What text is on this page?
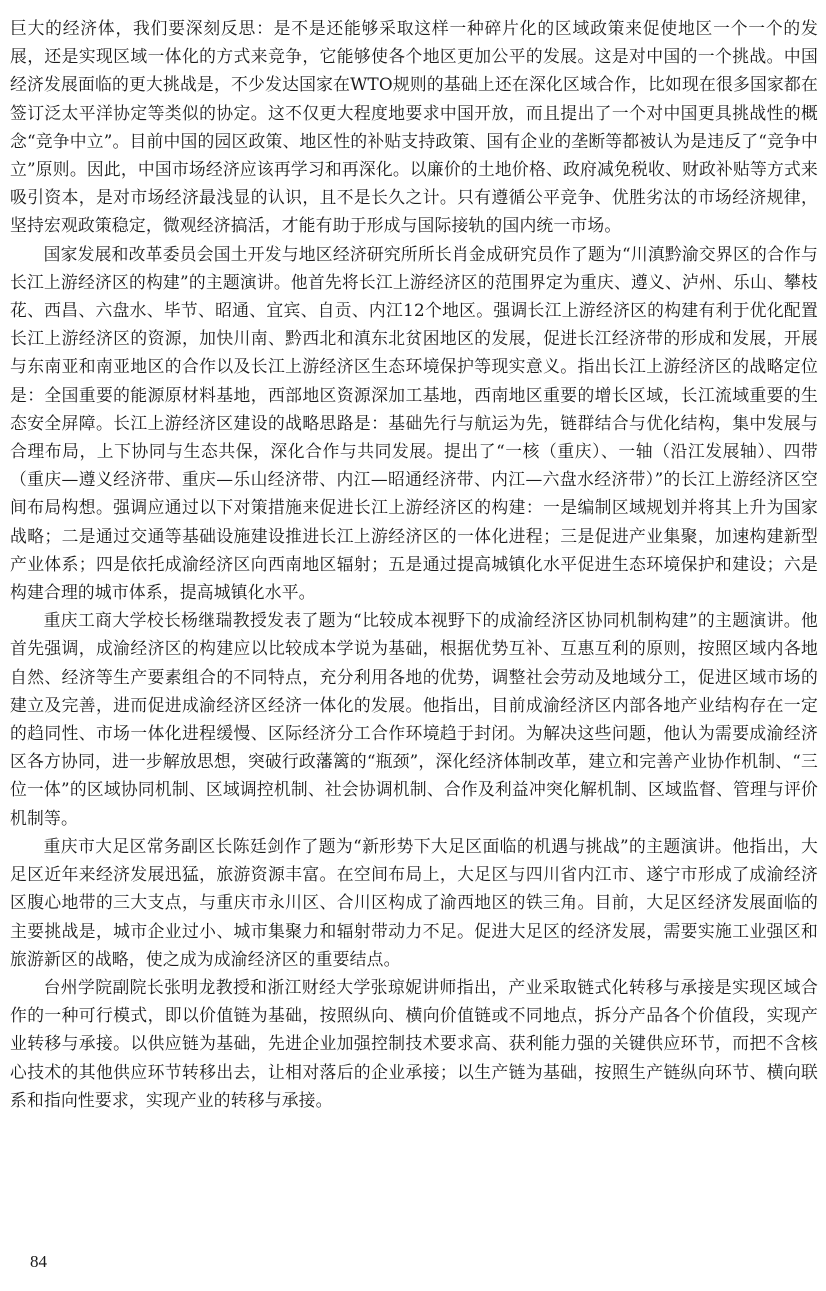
巨大的经济体，我们要深刻反思：是不是还能够采取这样一种碎片化的区域政策来促使地区一个一个的发展，还是实现区域一体化的方式来竞争，它能够使各个地区更加公平的发展。这是对中国的一个挑战。中国经济发展面临的更大挑战是，不少发达国家在WTO规则的基础上还在深化区域合作，比如现在很多国家都在签订泛太平洋协定等类似的协定。这不仅更大程度地要求中国开放，而且提出了一个对中国更具挑战性的概念“竞争中立”。目前中国的园区政策、地区性的补贴支持政策、国有企业的垄断等都被认为是违反了“竞争中立”原则。因此，中国市场经济应该再学习和再深化。以廉价的土地价格、政府减免税收、财政补贴等方式来吸引资本，是对市场经济最浅显的认识，且不是长久之计。只有遵循公平竞争、优胜劣汰的市场经济规律，坚持宏观政策稳定，微观经济搞活，才能有助于形成与国际接轨的国内统一市场。

国家发展和改革委员会国土开发与地区经济研究所所长肖金成研究员作了题为“川滇黔渝交界区的合作与长江上游经济区的构建”的主题演讲。他首先将长江上游经济区的范围界定为重庆、遵义、泸州、乐山、攀枝花、西昌、六盘水、毕节、昭通、宜宾、自贡、内江12个地区。强调长江上游经济区的构建有利于优化配置长江上游经济区的资源，加快川南、黔西北和滇东北贫困地区的发展，促进长江经济带的形成和发展，开展与东南亚和南亚地区的合作以及长江上游经济区生态环境保护等现实意义。指出长江上游经济区的战略定位是：全国重要的能源原材料基地，西部地区资源深加工基地，西南地区重要的增长区域，长江流域重要的生态安全屏障。长江上游经济区建设的战略思路是：基础先行与航运为先，链群结合与优化结构，集中发展与合理布局，上下协同与生态共保，深化合作与共同发展。提出了“一核（重庆）、一轴（沿江发展轴）、四带（重庆—遵义经济带、重庆—乐山经济带、内江—昭通经济带、内江—六盘水经济带）”的长江上游经济区空间布局构想。强调应通过以下对策措施来促进长江上游经济区的构建：一是编制区域规划并将其上升为国家战略；二是通过交通等基础设施建设推进长江上游经济区的一体化进程；三是促进产业集聚，加速构建新型产业体系；四是依托成渝经济区向西南地区辐射；五是通过提高城镇化水平促进生态环境保护和建设；六是构建合理的城市体系，提高城镇化水平。

重庆工商大学校长杨继瑞教授发表了题为“比较成本视野下的成渝经济区协同机制构建”的主题演讲。他首先强调，成渝经济区的构建应以比较成本学说为基础，根据优势互补、互惠互利的原则，按照区域内各地自然、经济等生产要素组合的不同特点，充分利用各地的优势，调整社会劳动及地域分工，促进区域市场的建立及完善，进而促进成渝经济区经济一体化的发展。他指出，目前成渝经济区内部各地产业结构存在一定的趋同性、市场一体化进程缓慢、区际经济分工合作环境趋于封闭。为解决这些问题，他认为需要成渝经济区各方协同，进一步解放思想，突破行政藩篱的“瓶颈”，深化经济体制改革，建立和完善产业协作机制、“三位一体”的区域协同机制、区域调控机制、社会协调机制、合作及利益冲突化解机制、区域监督、管理与评价机制等。

重庆市大足区常务副区长陈廷剑作了题为“新形势下大足区面临的机遇与挑战”的主题演讲。他指出，大足区近年来经济发展迅猛，旅游资源丰富。在空间布局上，大足区与四川省内江市、遂宁市形成了成渝经济区腹心地带的三大支点，与重庆市永川区、合川区构成了渝西地区的铁三角。目前，大足区经济发展面临的主要挑战是，城市企业过小、城市集聚力和辐射带动力不足。促进大足区的经济发展，需要实施工业强区和旅游新区的战略，使之成为成渝经济区的重要结点。

台州学院副院长张明龙教授和浙江财经大学张琼妮讲师指出，产业采取链式化转移与承接是实现区域合作的一种可行模式，即以价值链为基础，按照纵向、横向价值链或不同地点，拆分产品各个价值段，实现产业转移与承接。以供应链为基础，先进企业加强控制技术要求高、获利能力强的关键供应环节，而把不含核心技术的其他供应环节转移出去，让相对落后的企业承接；以生产链为基础，按照生产链纵向环节、横向联系和指向性要求，实现产业的转移与承接。

84
